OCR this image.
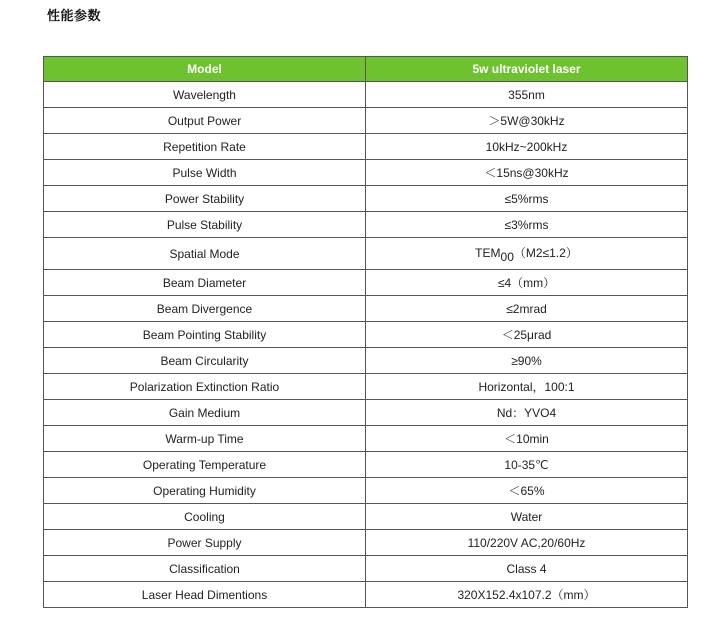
性能参数
Model	5w ultraviolet laser
Wavelength	355nm
Output Power	＞5W@30kHz
Repetition Rate	10kHz~200kHz
Pulse Width	＜15ns@30kHz
Power Stability	≤5%rms
Pulse Stability	≤3%rms
Spatial Mode	TEM00（M2≤1.2）
Beam Diameter	≤4（mm）
Beam Divergence	≤2mrad
Beam Pointing Stability	＜25μrad
Beam Circularity	≥90%
Polarization Extinction Ratio	Horizontal，100:1
Gain Medium	Nd：YVO4
Warm-up Time	＜10min
Operating Temperature	10-35℃
Operating Humidity	＜65%
Cooling	Water
Power Supply	110/220V AC,20/60Hz
Classification	Class 4
Laser Head Dimentions	320X152.4x107.2（mm）
